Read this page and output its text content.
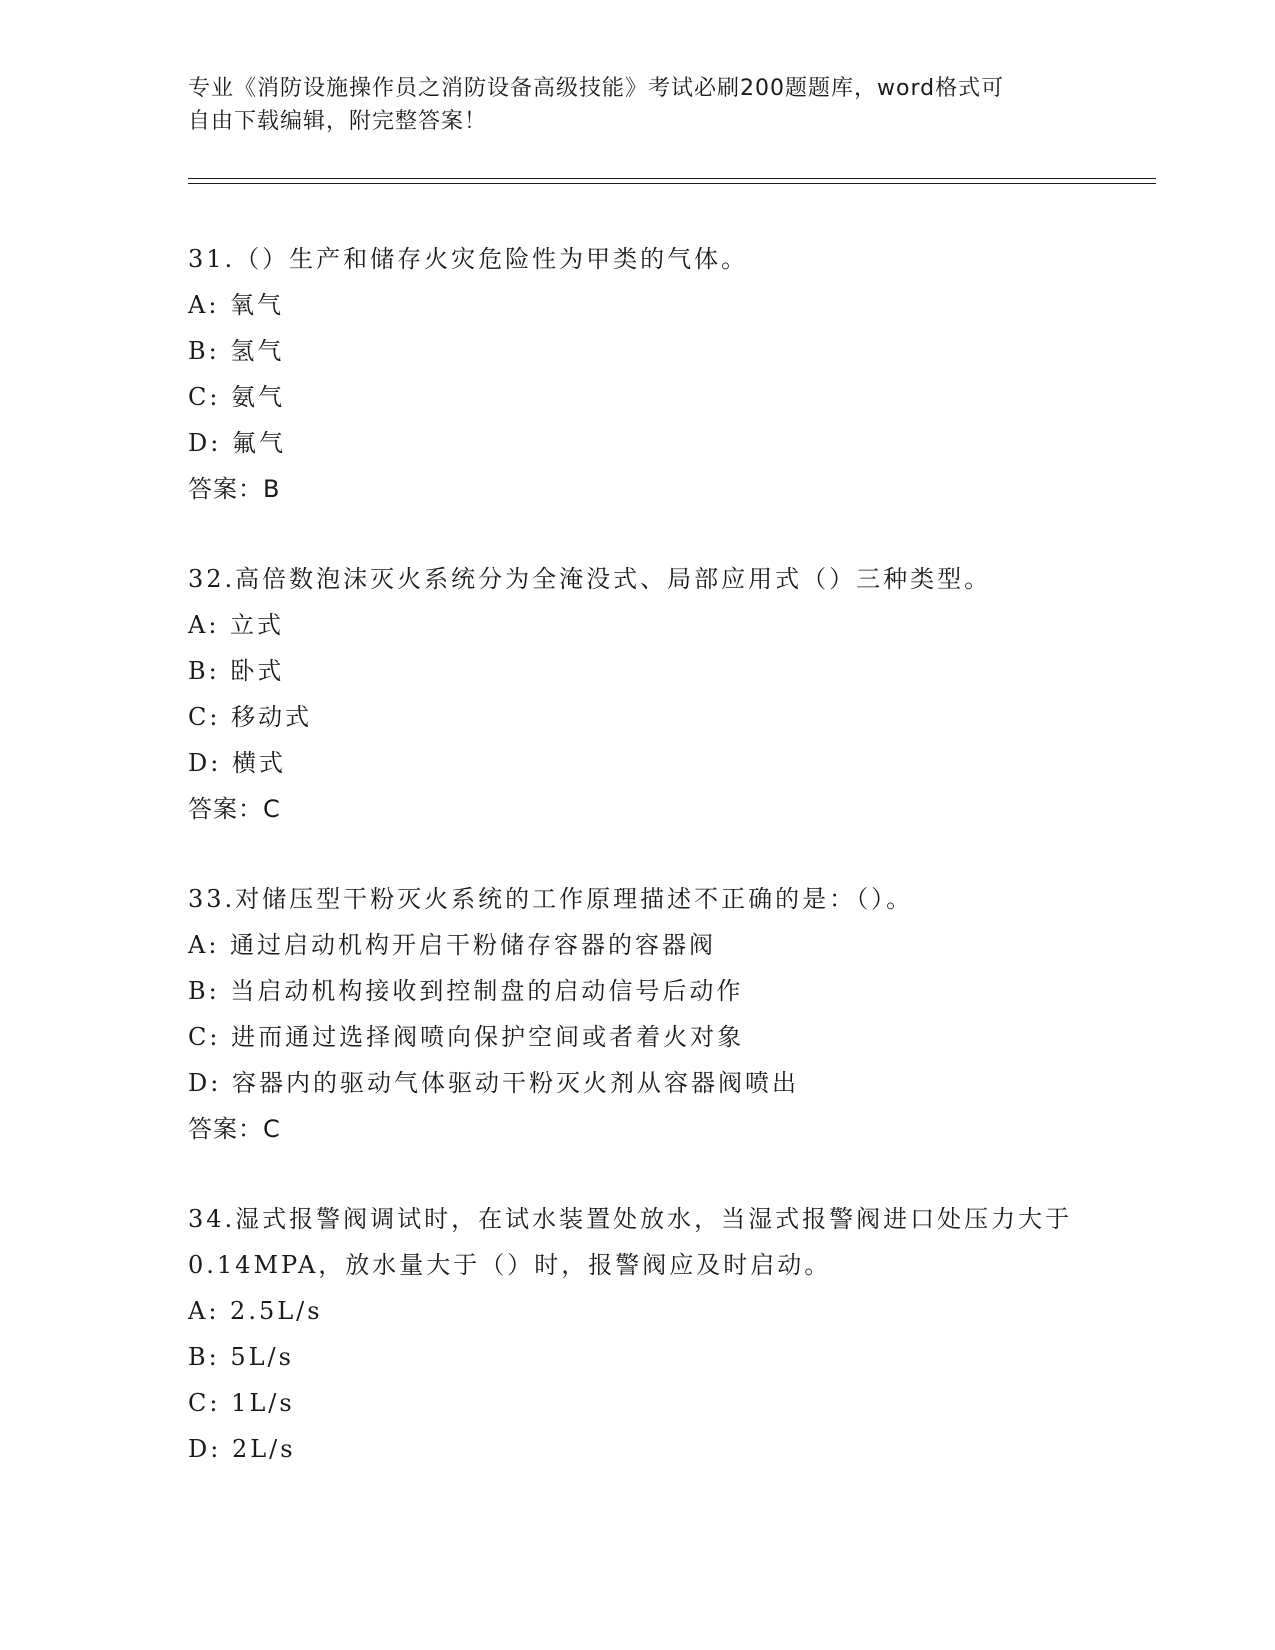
专业《消防设施操作员之消防设备高级技能》考试必刷200题题库，word格式可
自由下载编辑，附完整答案！

31.（）生产和储存火灾危险性为甲类的气体。

A: 氧气

B: 氢气

C: 氨气

D: 氟气

答案：B

32.高倍数泡沫灭火系统分为全淹没式、局部应用式（）三种类型。

A: 立式

B: 卧式

C: 移动式

D: 横式

答案：C

33.对储压型干粉灭火系统的工作原理描述不正确的是：（）。

A: 通过启动机构开启干粉储存容器的容器阀

B: 当启动机构接收到控制盘的启动信号后动作

C: 进而通过选择阀喷向保护空间或者着火对象

D: 容器内的驱动气体驱动干粉灭火剂从容器阀喷出

答案：C

34.湿式报警阀调试时，在试水装置处放水，当湿式报警阀进口处压力大于0.14MPA，放水量大于（）时，报警阀应及时启动。

A: 2.5L/s

B: 5L/s

C: 1L/s

D: 2L/s
